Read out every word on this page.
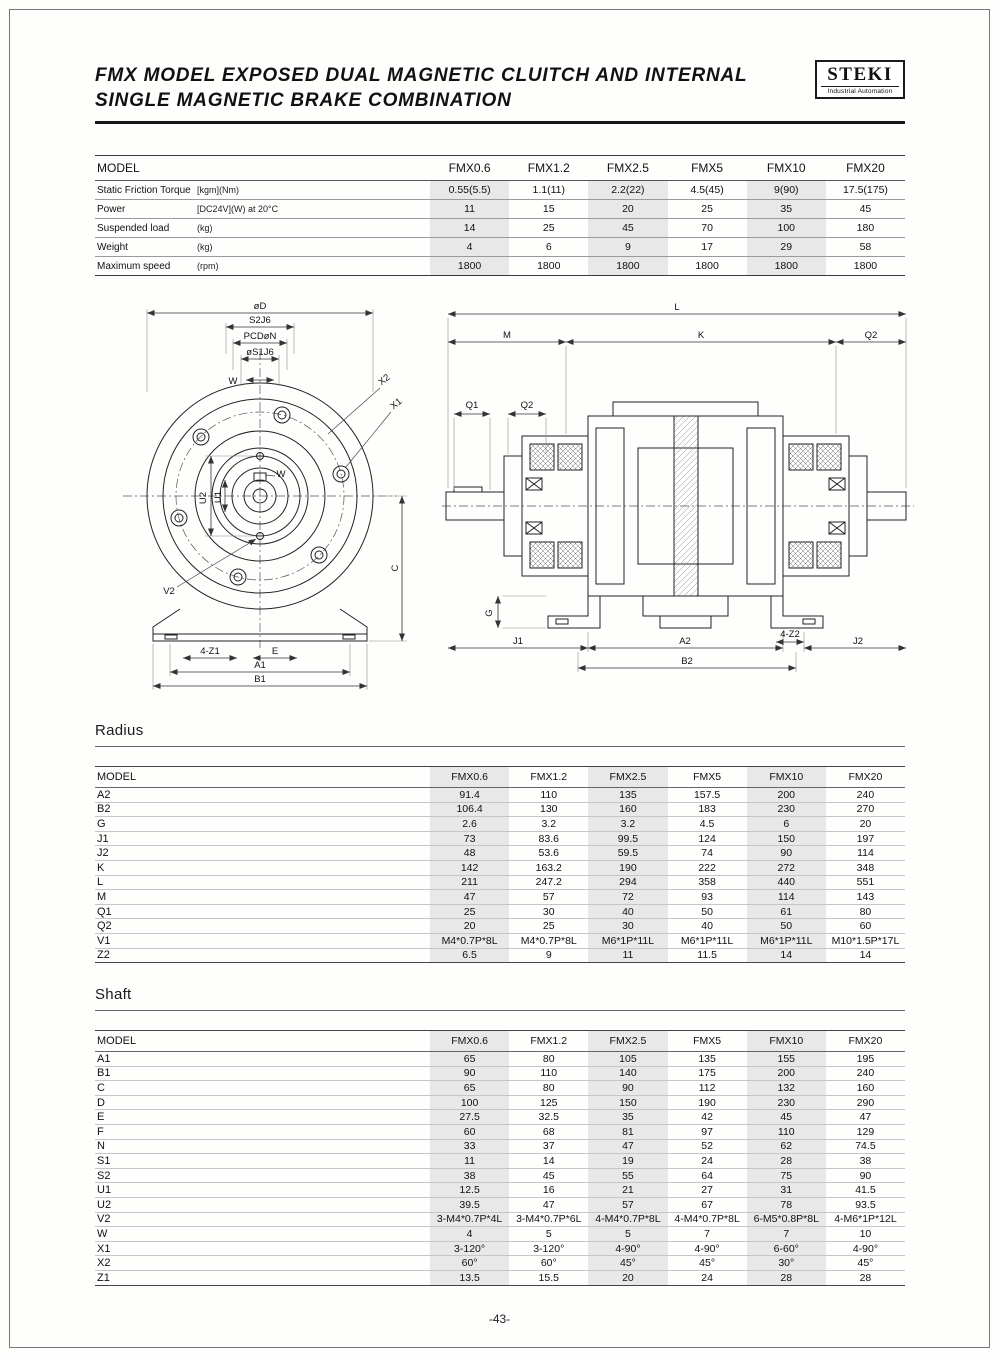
FMX MODEL EXPOSED DUAL MAGNETIC CLUITCH AND INTERNAL
SINGLE MAGNETIC BRAKE COMBINATION
STEKI
Industrial Automation
MODEL	FMX0.6	FMX1.2	FMX2.5	FMX5	FMX10	FMX20
Static Friction Torque [kgm](Nm)	0.55(5.5)	1.1(11)	2.2(22)	4.5(45)	9(90)	17.5(175)
Power	[DC24V](W) at 20°C	11	15	20	25	35	45
Suspended load	(kg)	14	25	45	70	100	180
Weight	(kg)	4	6	9	17	29	58
Maximum speed	(rpm)	1800	1800	1800	1800	1800	1800
øD
S2J6
PCDøN
øS1J6
W	X2
X1
U2 U1
V2
W
4-Z1	E
A1
B1
C
L
M	K	Q2
Q1	Q2
G
J1	A2
4-Z2
J2
B2
Radius
MODEL	FMX0.6	FMX1.2	FMX2.5	FMX5	FMX10	FMX20
A2	91.4	110	135	157.5	200	240
B2	106.4	130	160	183	230	270
G	2.6	3.2	3.2	4.5	6	20
J1	73	83.6	99.5	124	150	197
J2	48	53.6	59.5	74	90	114
K	142	163.2	190	222	272	348
L	211	247.2	294	358	440	551
M	47	57	72	93	114	143
Q1	25	30	40	50	61	80
Q2	20	25	30	40	50	60
V1	M4*0.7P*8L	M4*0.7P*8L	M6*1P*11L	M6*1P*11L	M6*1P*11L	M10*1.5P*17L
Z2	6.5	9	11	11.5	14	14
Shaft
MODEL	FMX0.6	FMX1.2	FMX2.5	FMX5	FMX10	FMX20
A1	65	80	105	135	155	195
B1	90	110	140	175	200	240
C	65	80	90	112	132	160
D	100	125	150	190	230	290
E	27.5	32.5	35	42	45	47
F	60	68	81	97	110	129
N	33	37	47	52	62	74.5
S1	11	14	19	24	28	38
S2	38	45	55	64	75	90
U1	12.5	16	21	27	31	41.5
U2	39.5	47	57	67	78	93.5
V2	3-M4*0.7P*4L	3-M4*0.7P*6L	4-M4*0.7P*8L	4-M4*0.7P*8L	6-M5*0.8P*8L	4-M6*1P*12L
W	4	5	5	7	7	10
X1	3-120°	3-120°	4-90°	4-90°	6-60°	4-90°
X2	60°	60°	45°	45°	30°	45°
Z1	13.5	15.5	20	24	28	28
-43-
